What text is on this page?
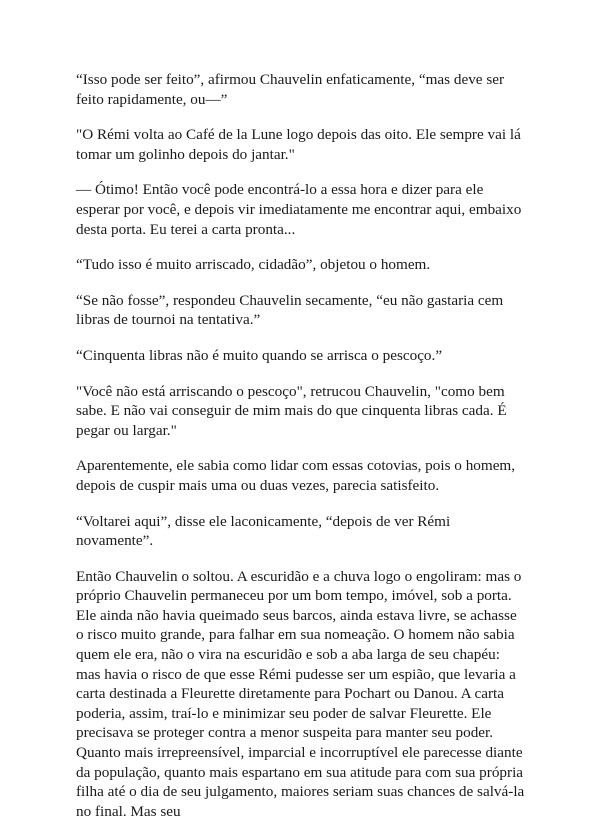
“Isso pode ser feito”, afirmou Chauvelin enfaticamente, “mas deve ser feito rapidamente, ou—”

"O Rémi volta ao Café de la Lune logo depois das oito. Ele sempre vai lá tomar um golinho depois do jantar."

— Ótimo! Então você pode encontrá-lo a essa hora e dizer para ele esperar por você, e depois vir imediatamente me encontrar aqui, embaixo desta porta. Eu terei a carta pronta...

“Tudo isso é muito arriscado, cidadão”, objetou o homem.

“Se não fosse”, respondeu Chauvelin secamente, “eu não gastaria cem libras de tournoi na tentativa.”

“Cinquenta libras não é muito quando se arrisca o pescoço.”

"Você não está arriscando o pescoço", retrucou Chauvelin, "como bem sabe. E não vai conseguir de mim mais do que cinquenta libras cada. É pegar ou largar."

Aparentemente, ele sabia como lidar com essas cotovias, pois o homem, depois de cuspir mais uma ou duas vezes, parecia satisfeito.

“Voltarei aqui”, disse ele laconicamente, “depois de ver Rémi novamente”.

Então Chauvelin o soltou. A escuridão e a chuva logo o engoliram: mas o próprio Chauvelin permaneceu por um bom tempo, imóvel, sob a porta. Ele ainda não havia queimado seus barcos, ainda estava livre, se achasse o risco muito grande, para falhar em sua nomeação. O homem não sabia quem ele era, não o vira na escuridão e sob a aba larga de seu chapéu: mas havia o risco de que esse Rémi pudesse ser um espião, que levaria a carta destinada a Fleurette diretamente para Pochart ou Danou. A carta poderia, assim, traí-lo e minimizar seu poder de salvar Fleurette. Ele precisava se proteger contra a menor suspeita para manter seu poder. Quanto mais irrepreensível, imparcial e incorruptível ele parecesse diante da população, quanto mais espartano em sua atitude para com sua própria filha até o dia de seu julgamento, maiores seriam suas chances de salvá-la no final. Mas seu
